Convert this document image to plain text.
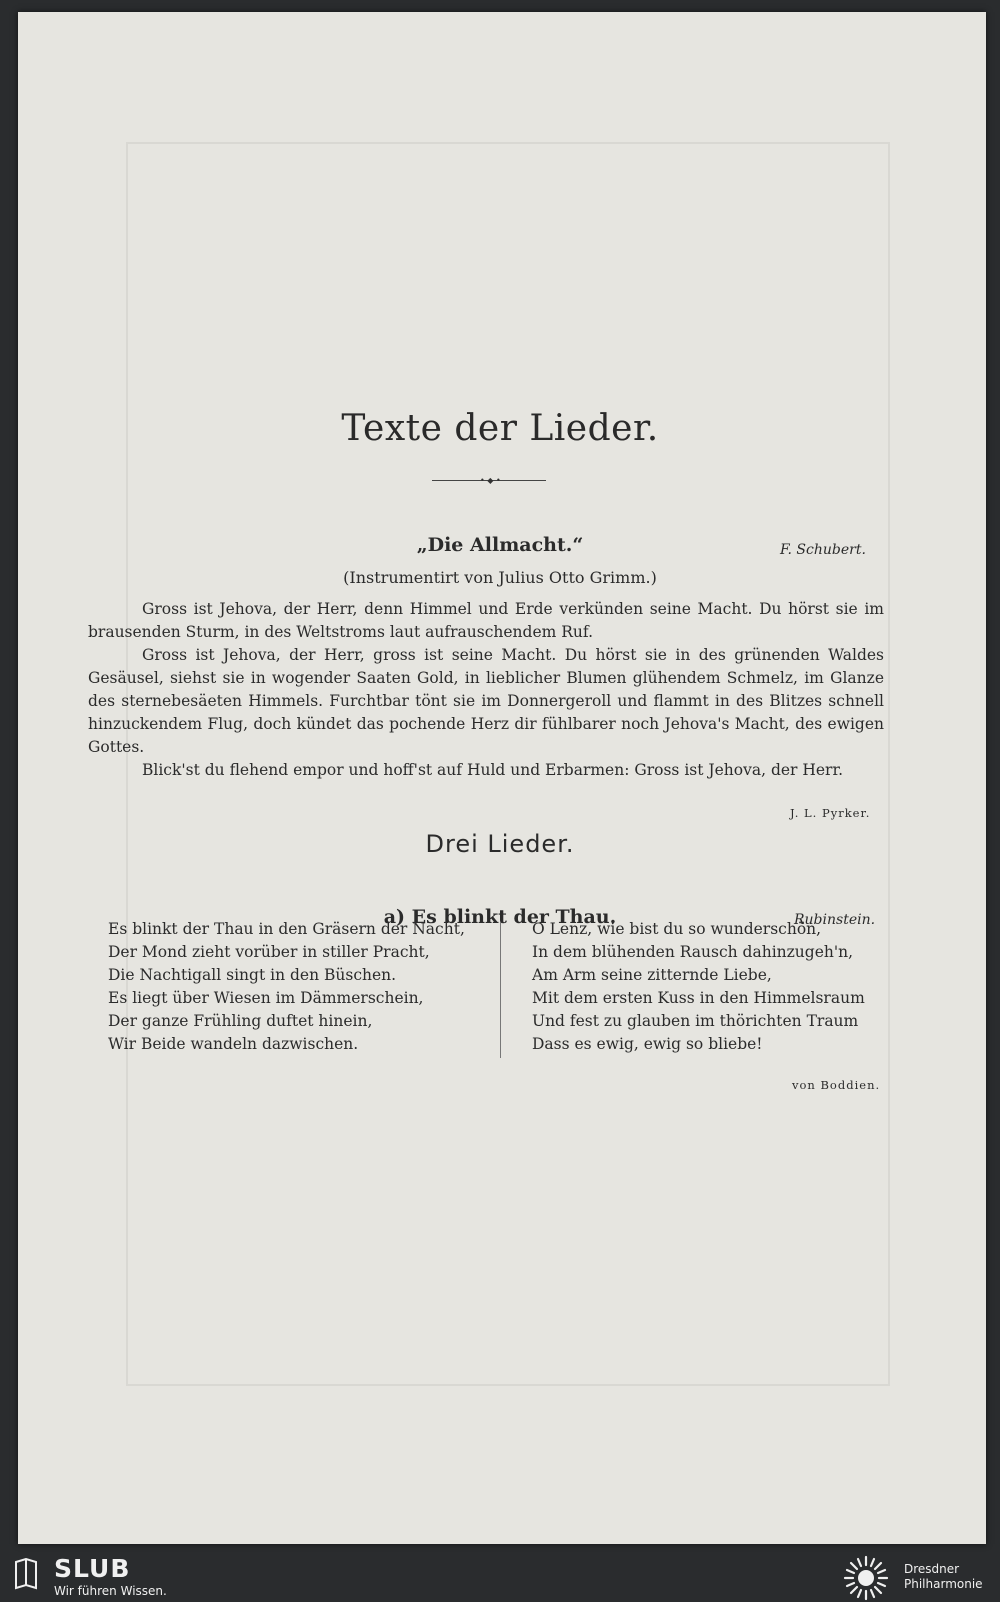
Texte der Lieder.
• ◆ •
„Die Allmacht.“	F. Schubert.
(Instrumentirt von Julius Otto Grimm.)

Gross ist Jehova, der Herr, denn Himmel und Erde verkünden seine Macht. Du hörst sie im brausenden Sturm, in des Weltstroms laut aufrauschendem Ruf.

Gross ist Jehova, der Herr, gross ist seine Macht. Du hörst sie in des grünenden Waldes Gesäusel, siehst sie in wogender Saaten Gold, in lieblicher Blumen glühendem Schmelz, im Glanze des sternebesäeten Himmels. Furchtbar tönt sie im Donnergeroll und flammt in des Blitzes schnell hinzuckendem Flug, doch kündet das pochende Herz dir fühlbarer noch Jehova's Macht, des ewigen Gottes.

Blick'st du flehend empor und hoff'st auf Huld und Erbarmen: Gross ist Jehova, der Herr.

J. L. Pyrker.
Drei Lieder.
a) Es blinkt der Thau.	Rubinstein.
Es blinkt der Thau in den Gräsern der Nacht,
Der Mond zieht vorüber in stiller Pracht,
Die Nachtigall singt in den Büschen.
Es liegt über Wiesen im Dämmerschein,
Der ganze Frühling duftet hinein,
Wir Beide wandeln dazwischen.
O Lenz, wie bist du so wunderschön,
In dem blühenden Rausch dahinzugeh'n,
Am Arm seine zitternde Liebe,
Mit dem ersten Kuss in den Himmelsraum
Und fest zu glauben im thörichten Traum
Dass es ewig, ewig so bliebe!
von Boddien.
SLUB
Wir führen Wissen.
Dresdner
Philharmonie
